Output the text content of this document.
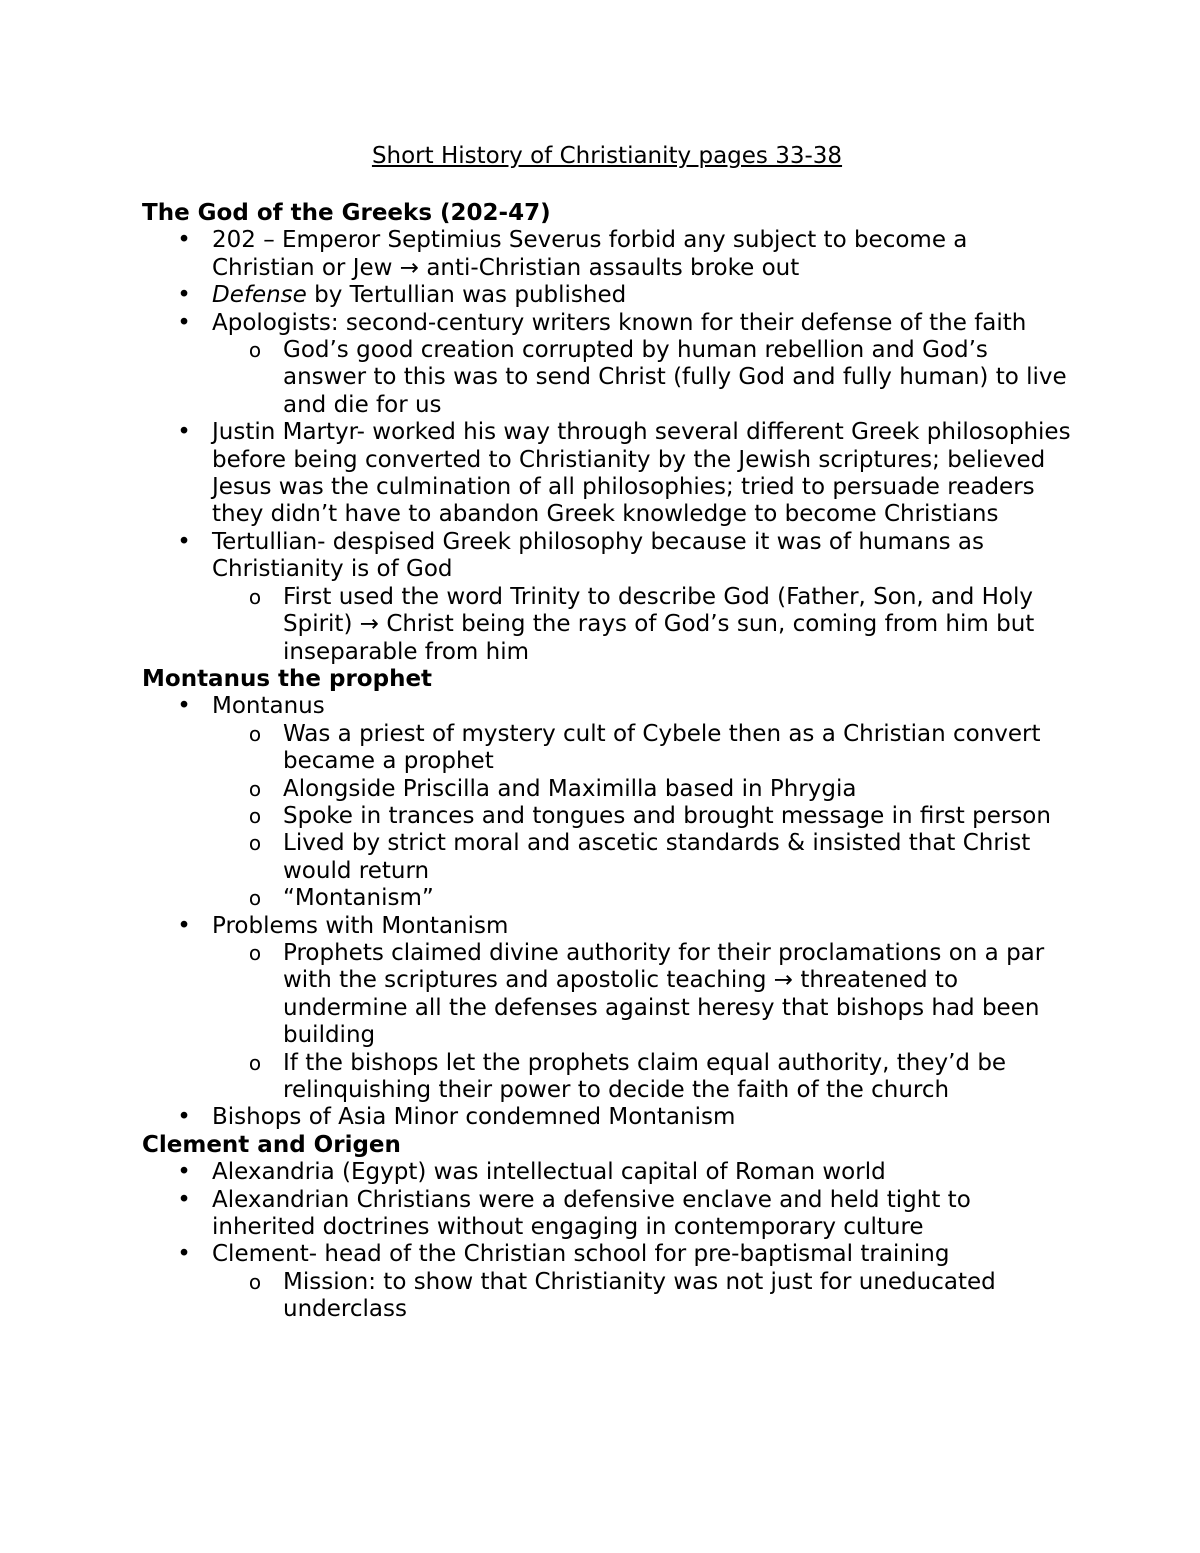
Short History of Christianity pages 33-38
The God of the Greeks (202-47)
• 202 – Emperor Septimius Severus forbid any subject to become a Christian or Jew → anti-Christian assaults broke out
• Defense by Tertullian was published
• Apologists: second-century writers known for their defense of the faith
o God’s good creation corrupted by human rebellion and God’s answer to this was to send Christ (fully God and fully human) to live and die for us
• Justin Martyr- worked his way through several different Greek philosophies before being converted to Christianity by the Jewish scriptures; believed Jesus was the culmination of all philosophies; tried to persuade readers they didn’t have to abandon Greek knowledge to become Christians
• Tertullian- despised Greek philosophy because it was of humans as Christianity is of God
o First used the word Trinity to describe God (Father, Son, and Holy Spirit) → Christ being the rays of God’s sun, coming from him but inseparable from him
Montanus the prophet
• Montanus
o Was a priest of mystery cult of Cybele then as a Christian convert became a prophet
o Alongside Priscilla and Maximilla based in Phrygia
o Spoke in trances and tongues and brought message in first person
o Lived by strict moral and ascetic standards & insisted that Christ would return
o “Montanism”
• Problems with Montanism
o Prophets claimed divine authority for their proclamations on a par with the scriptures and apostolic teaching → threatened to undermine all the defenses against heresy that bishops had been building
o If the bishops let the prophets claim equal authority, they’d be relinquishing their power to decide the faith of the church
• Bishops of Asia Minor condemned Montanism
Clement and Origen
• Alexandria (Egypt) was intellectual capital of Roman world
• Alexandrian Christians were a defensive enclave and held tight to inherited doctrines without engaging in contemporary culture
• Clement- head of the Christian school for pre-baptismal training
o Mission: to show that Christianity was not just for uneducated underclass
